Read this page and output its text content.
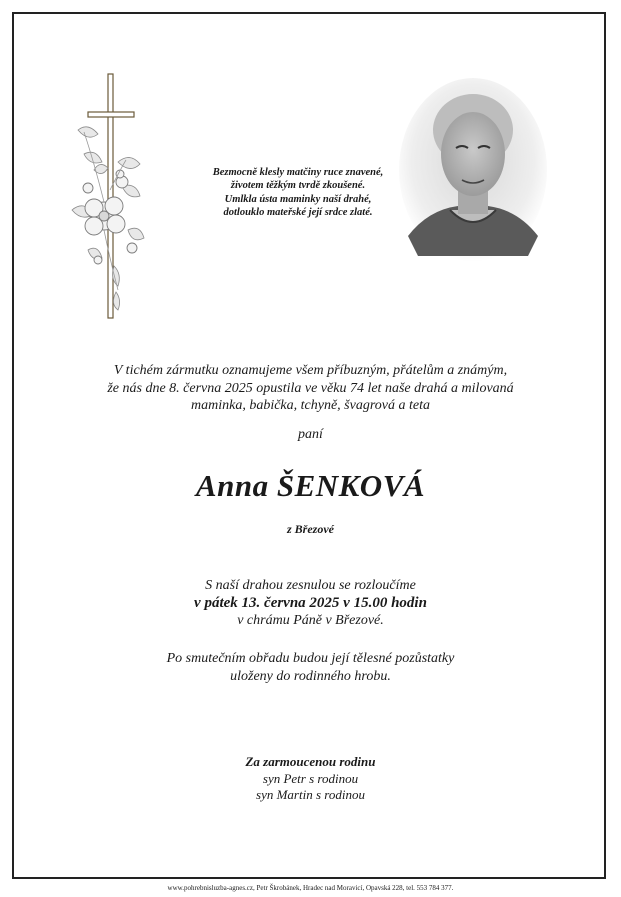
Bezmocně klesly matčiny ruce znavené,
životem těžkým tvrdě zkoušené.
Umlkla ústa maminky naší drahé,
dotlouklo mateřské její srdce zlaté.
V tichém zármutku oznamujeme všem příbuzným, přátelům a známým,
že nás dne 8. června 2025 opustila ve věku 74 let naše drahá a milovaná
maminka, babička, tchyně, švagrová a teta
paní
Anna ŠENKOVÁ
z Březové
S naší drahou zesnulou se rozloučíme
v pátek 13. června 2025 v 15.00 hodin
v chrámu Páně v Březové.
Po smutečním obřadu budou její tělesné pozůstatky
uloženy do rodinného hrobu.
Za zarmoucenou rodinu
syn Petr s rodinou
syn Martin s rodinou
www.pohrebnisluzba-agnes.cz, Petr Škrobánek, Hradec nad Moravicí, Opavská 228, tel. 553 784 377.
